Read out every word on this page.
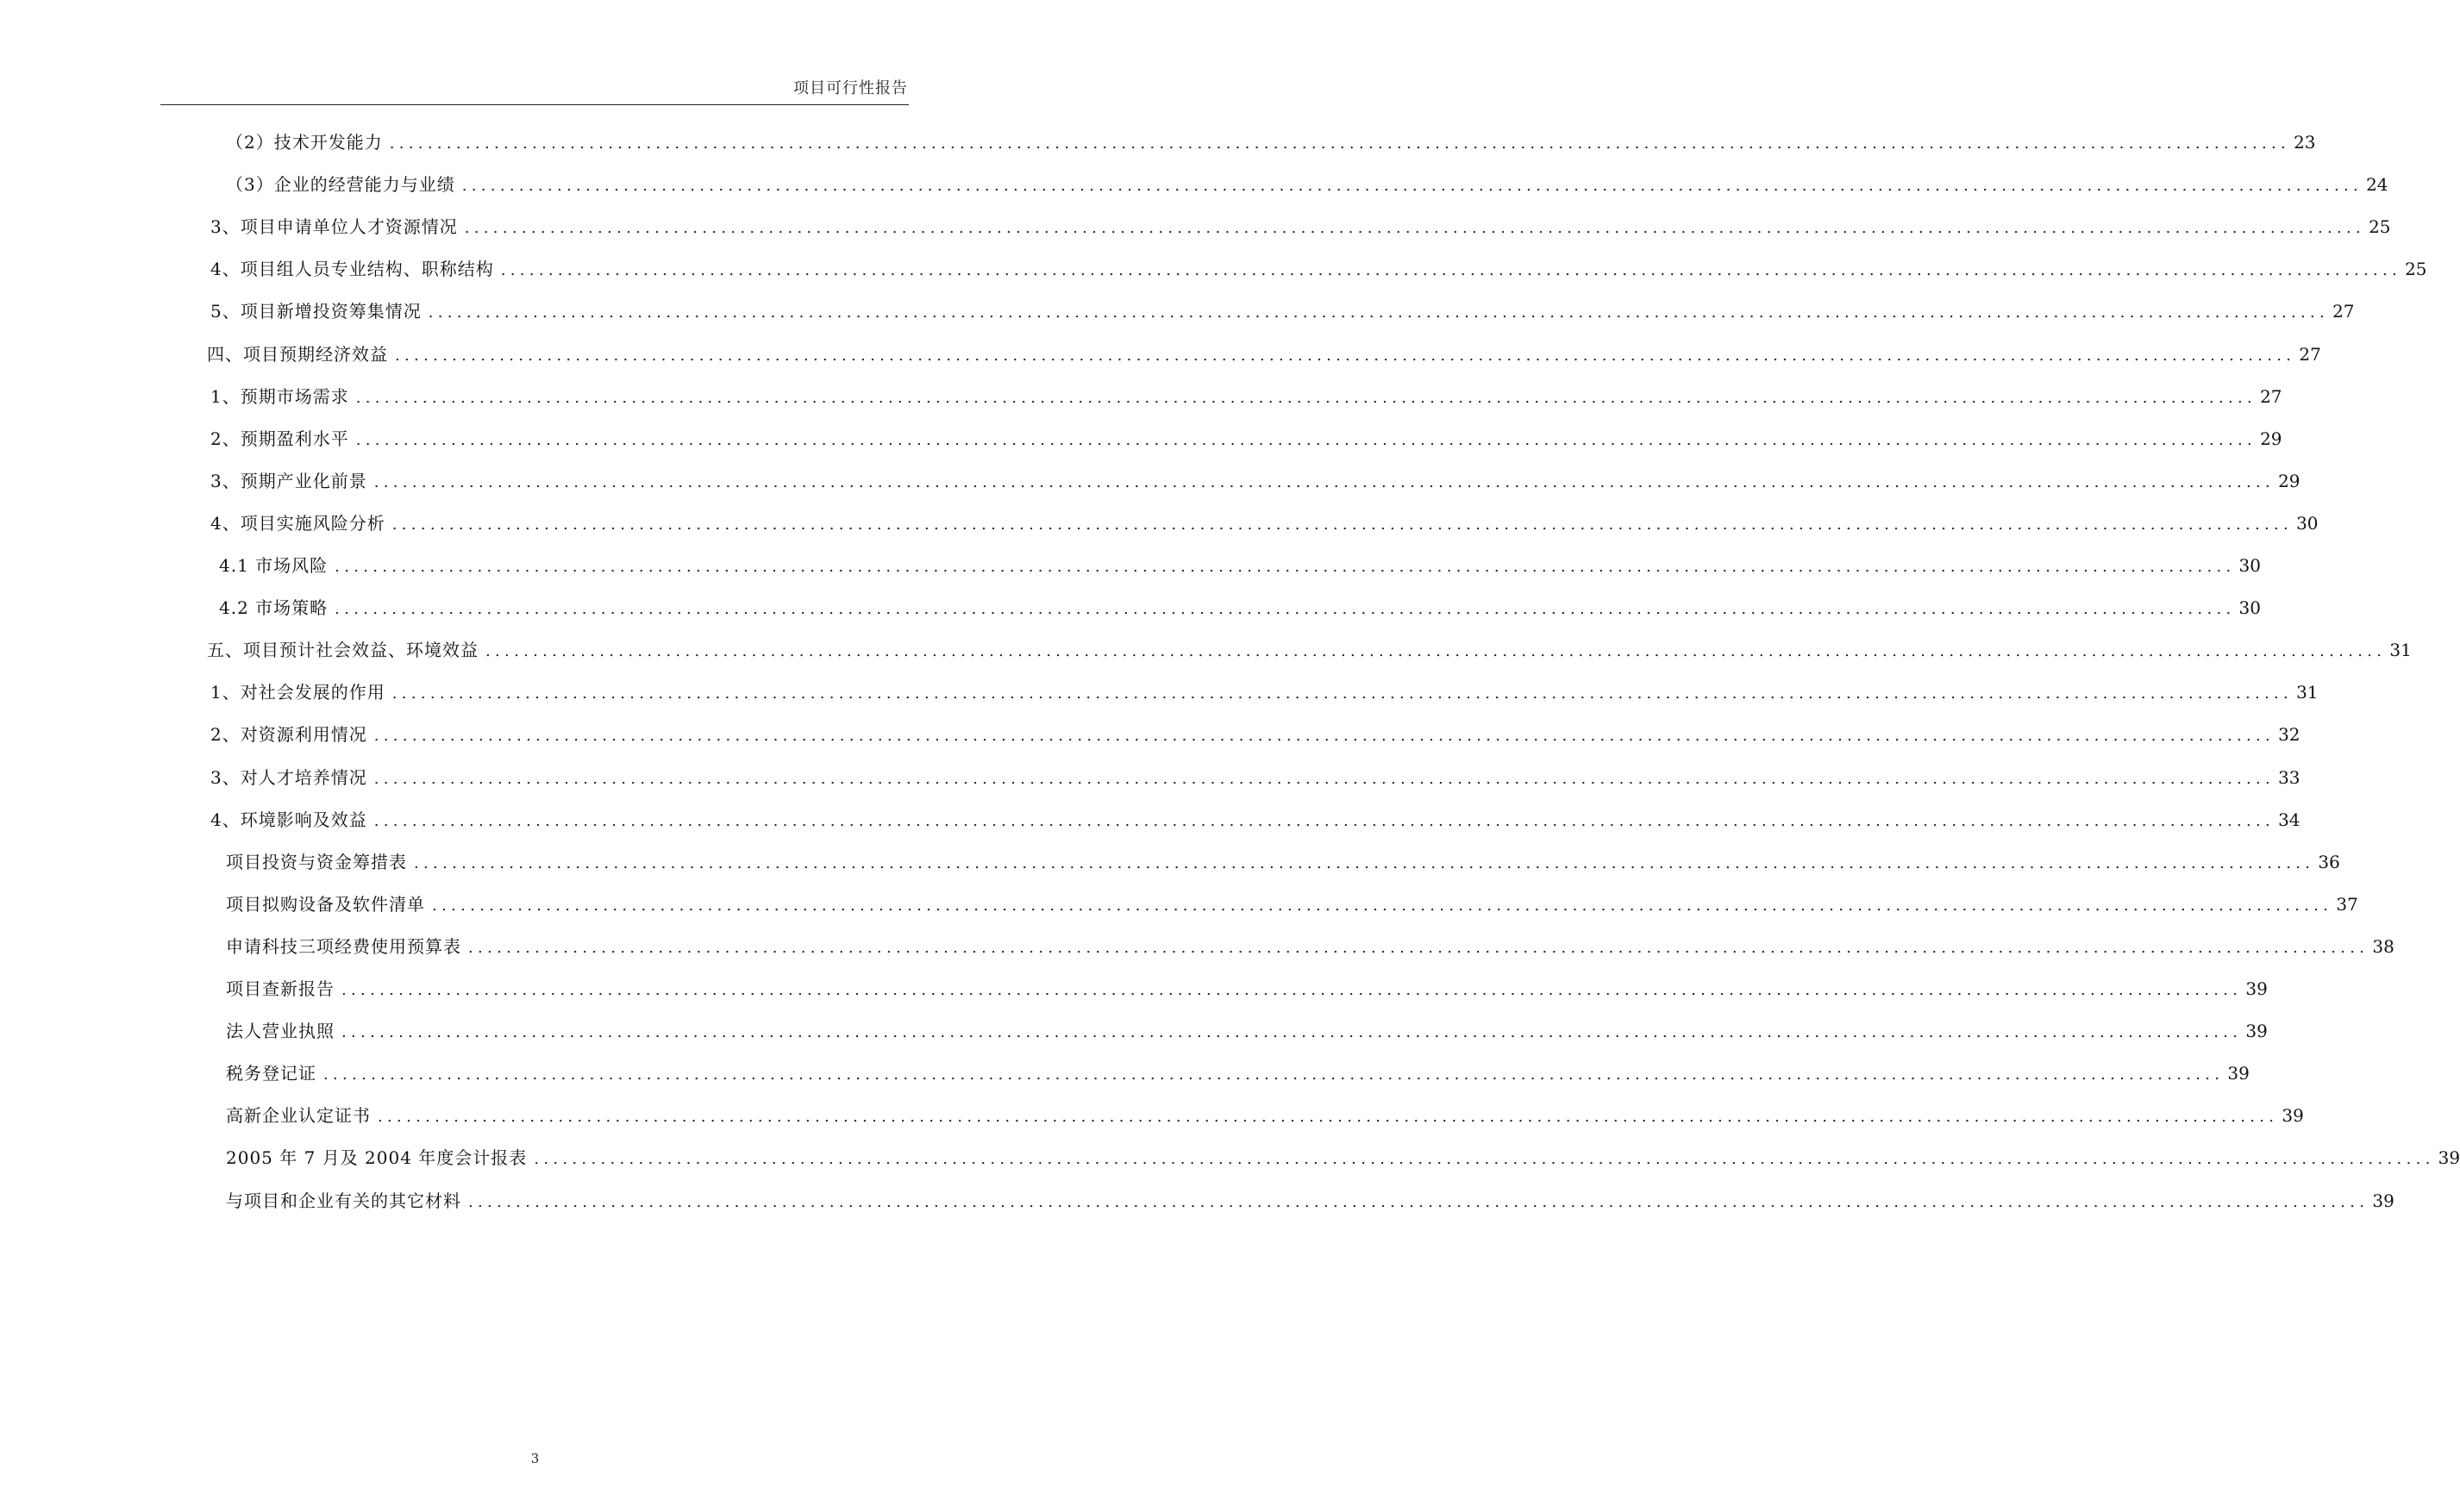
项目可行性报告
（2）技术开发能力 ........................................................................................................................................................................................................ 23
（3）企业的经营能力与业绩 ........................................................................................................................................................................................................ 24
3、项目申请单位人才资源情况 ........................................................................................................................................................................................................ 25
4、项目组人员专业结构、职称结构 ........................................................................................................................................................................................................ 25
5、项目新增投资筹集情况 ........................................................................................................................................................................................................ 27
四、项目预期经济效益 ........................................................................................................................................................................................................ 27
1、预期市场需求 ........................................................................................................................................................................................................ 27
2、预期盈利水平 ........................................................................................................................................................................................................ 29
3、预期产业化前景 ........................................................................................................................................................................................................ 29
4、项目实施风险分析 ........................................................................................................................................................................................................ 30
4.1 市场风险 ........................................................................................................................................................................................................ 30
4.2 市场策略 ........................................................................................................................................................................................................ 30
五、项目预计社会效益、环境效益 ........................................................................................................................................................................................................ 31
1、对社会发展的作用 ........................................................................................................................................................................................................ 31
2、对资源利用情况 ........................................................................................................................................................................................................ 32
3、对人才培养情况 ........................................................................................................................................................................................................ 33
4、环境影响及效益 ........................................................................................................................................................................................................ 34
项目投资与资金筹措表 ........................................................................................................................................................................................................ 36
项目拟购设备及软件清单 ........................................................................................................................................................................................................ 37
申请科技三项经费使用预算表 ........................................................................................................................................................................................................ 38
项目查新报告 ........................................................................................................................................................................................................ 39
法人营业执照 ........................................................................................................................................................................................................ 39
税务登记证 ........................................................................................................................................................................................................ 39
高新企业认定证书 ........................................................................................................................................................................................................ 39
2005 年 7 月及 2004 年度会计报表 ........................................................................................................................................................................................................ 39
与项目和企业有关的其它材料 ........................................................................................................................................................................................................ 39
3
